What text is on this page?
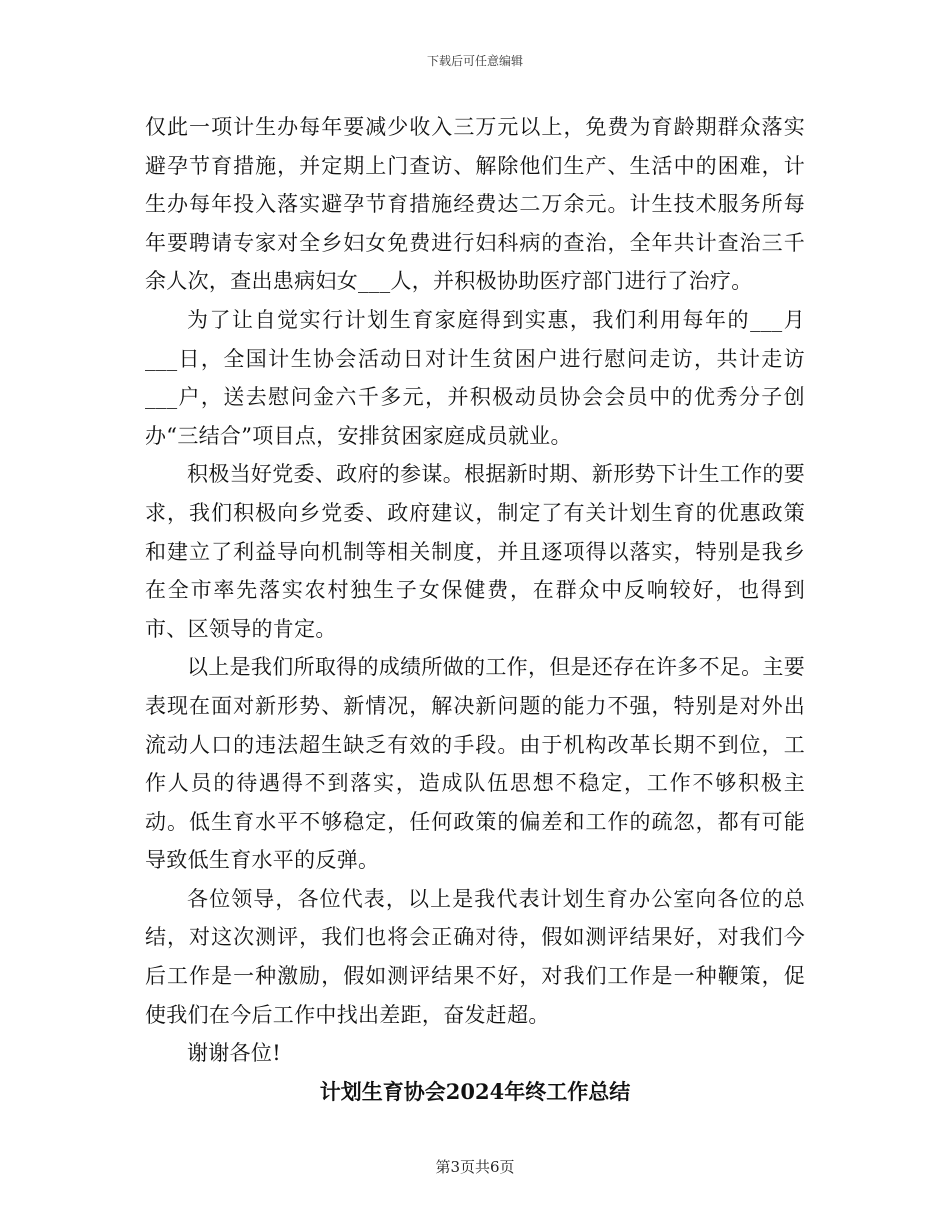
下载后可任意编辑

仅此一项计生办每年要减少收入三万元以上，免费为育龄期群众落实避孕节育措施，并定期上门查访、解除他们生产、生活中的困难，计生办每年投入落实避孕节育措施经费达二万余元。计生技术服务所每年要聘请专家对全乡妇女免费进行妇科病的查治，全年共计查治三千余人次，查出患病妇女___人，并积极协助医疗部门进行了治疗。

为了让自觉实行计划生育家庭得到实惠，我们利用每年的___月___日，全国计生协会活动日对计生贫困户进行慰问走访，共计走访___户，送去慰问金六千多元，并积极动员协会会员中的优秀分子创办“三结合”项目点，安排贫困家庭成员就业。

积极当好党委、政府的参谋。根据新时期、新形势下计生工作的要求，我们积极向乡党委、政府建议，制定了有关计划生育的优惠政策和建立了利益导向机制等相关制度，并且逐项得以落实，特别是我乡在全市率先落实农村独生子女保健费，在群众中反响较好，也得到市、区领导的肯定。

以上是我们所取得的成绩所做的工作，但是还存在许多不足。主要表现在面对新形势、新情况，解决新问题的能力不强，特别是对外出流动人口的违法超生缺乏有效的手段。由于机构改革长期不到位，工作人员的待遇得不到落实，造成队伍思想不稳定，工作不够积极主动。低生育水平不够稳定，任何政策的偏差和工作的疏忽，都有可能导致低生育水平的反弹。

各位领导，各位代表，以上是我代表计划生育办公室向各位的总结，对这次测评，我们也将会正确对待，假如测评结果好，对我们今后工作是一种激励，假如测评结果不好，对我们工作是一种鞭策，促使我们在今后工作中找出差距，奋发赶超。

谢谢各位!

计划生育协会2024年终工作总结

第3页共6页
